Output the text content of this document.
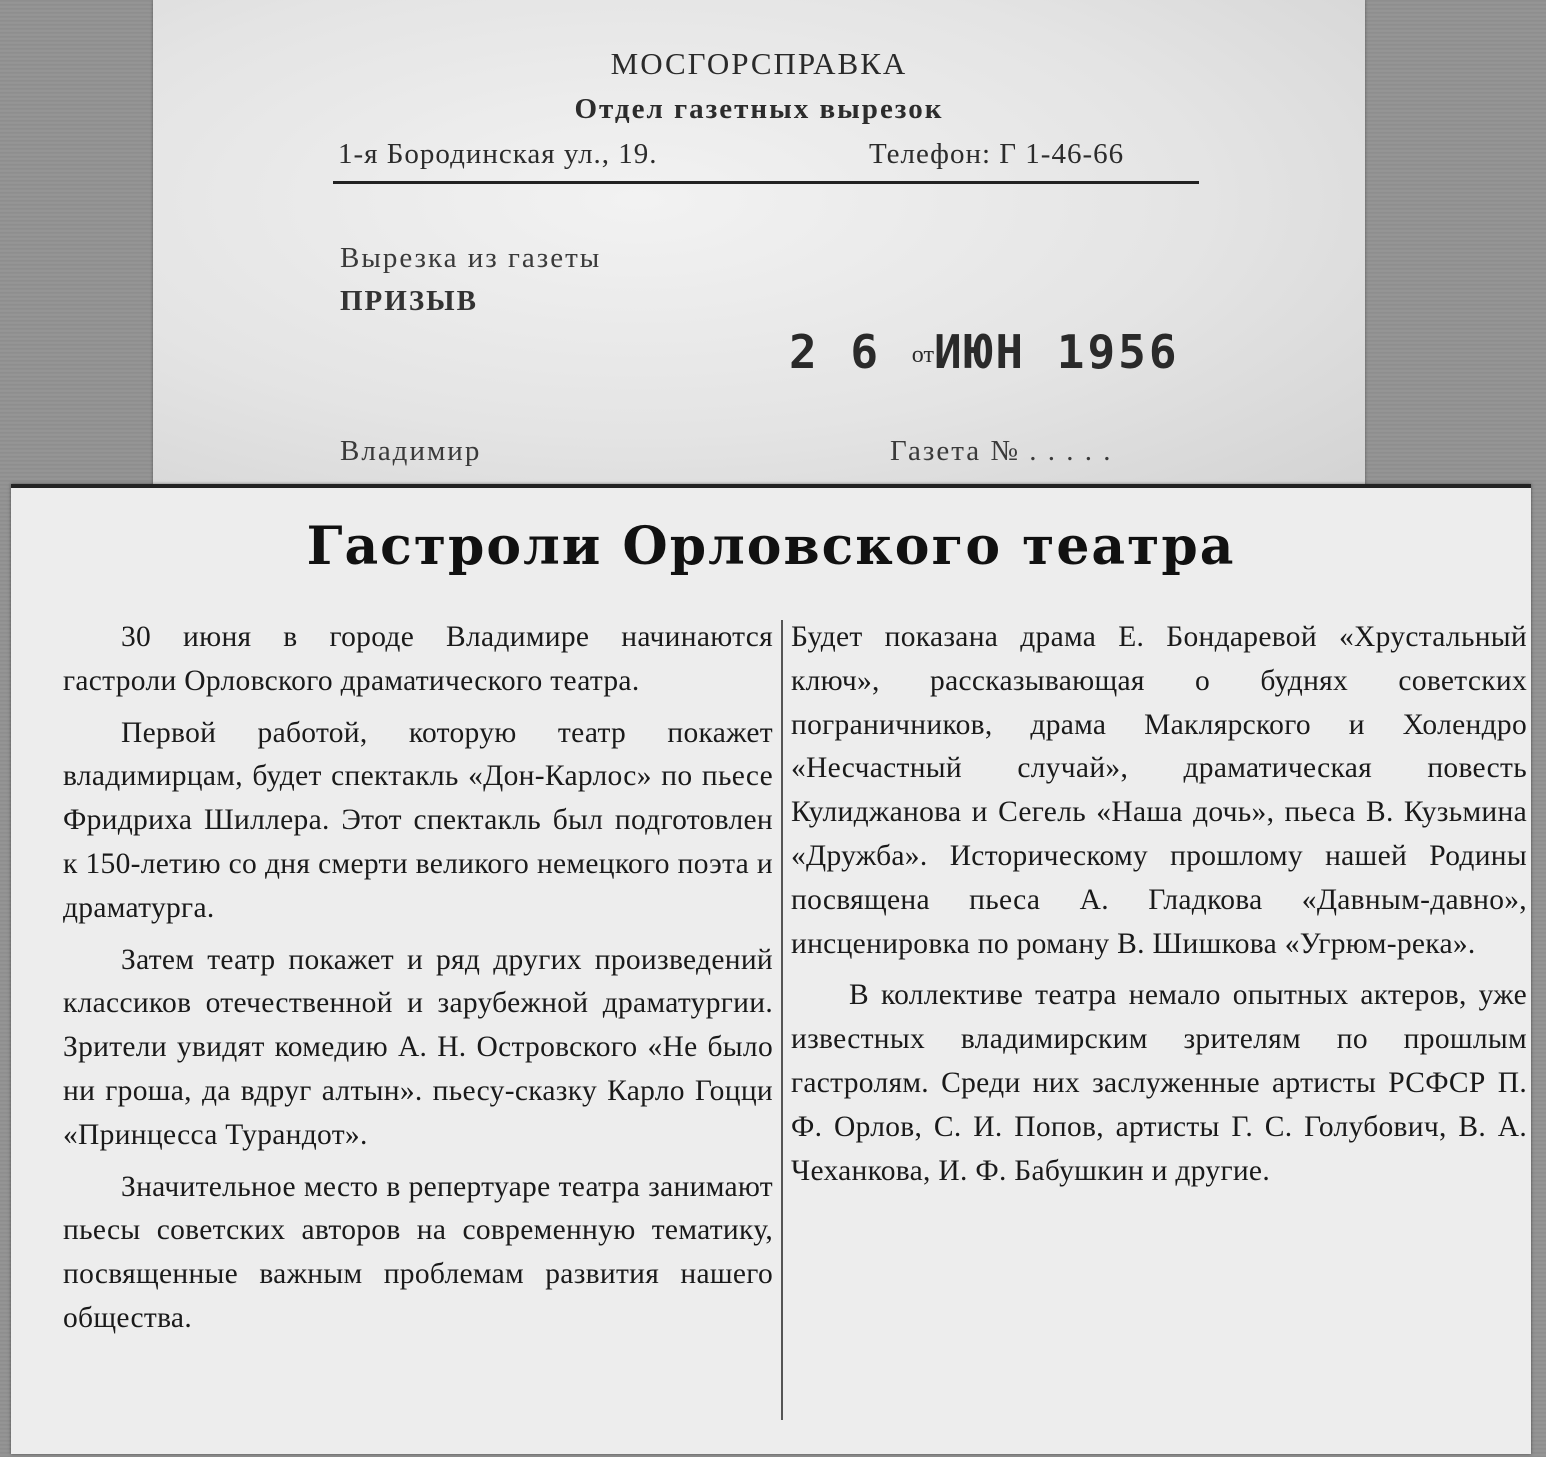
МОСГОРСПРАВКА
Отдел газетных вырезок
1-я Бородинская ул., 19.	Телефон: Г 1-46-66
Вырезка из газеты
ПРИЗЫВ
2 6 отИЮН 1956
Владимир	Газета № . . . . .
Гастроли Орловского театра

30 июня в городе Владимире начинаются гастроли Орловского драматического театра.

Первой работой, которую театр покажет владимирцам, будет спектакль «Дон-Карлос» по пьесе Фридриха Шиллера. Этот спектакль был подготовлен к 150-летию со дня смерти великого немецкого поэта и драматурга.

Затем театр покажет и ряд других произведений классиков отечественной и зарубежной драматургии. Зрители увидят комедию А. Н. Островского «Не было ни гроша, да вдруг алтын». пьесу-сказку Карло Гоцци «Принцесса Турандот».

Значительное место в репертуаре театра занимают пьесы советских авторов на современную тематику, посвященные важным проблемам развития нашего общества.

Будет показана драма Е. Бондаревой «Хрустальный ключ», рассказывающая о буднях советских пограничников, драма Маклярского и Холендро «Несчастный случай», драматическая повесть Кулиджанова и Сегель «Наша дочь», пьеса В. Кузьмина «Дружба». Историческому прошлому нашей Родины посвящена пьеса А. Гладкова «Давным-давно», инсценировка по роману В. Шишкова «Угрюм-река».

В коллективе театра немало опытных актеров, уже известных владимирским зрителям по прошлым гастролям. Среди них заслуженные артисты РСФСР П. Ф. Орлов, С. И. Попов, артисты Г. С. Голубович, В. А. Чеханкова, И. Ф. Бабушкин и другие.
